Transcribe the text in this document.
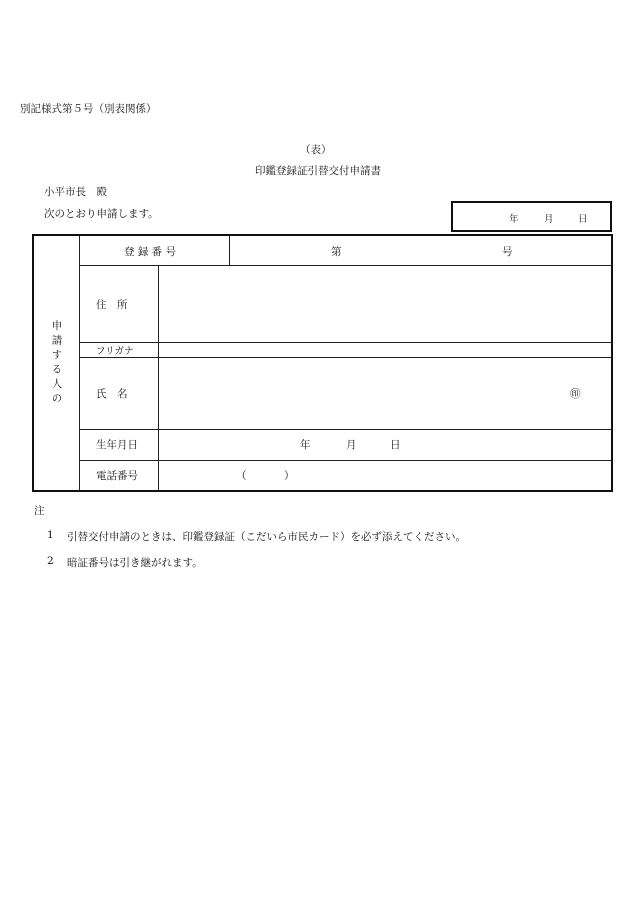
別記様式第５号（別表関係）
（表）
印鑑登録証引替交付申請書
小平市長　殿
次のとおり申請します。	年	月	日
申請する人の
登 録 番 号	第	号
住　所
フリガナ
氏　名	㊞
生年月日	年	月	日
電話番号	（	）
注
1 引替交付申請のときは、印鑑登録証（こだいら市民カード）を必ず添えてください。
2 暗証番号は引き継がれます。
